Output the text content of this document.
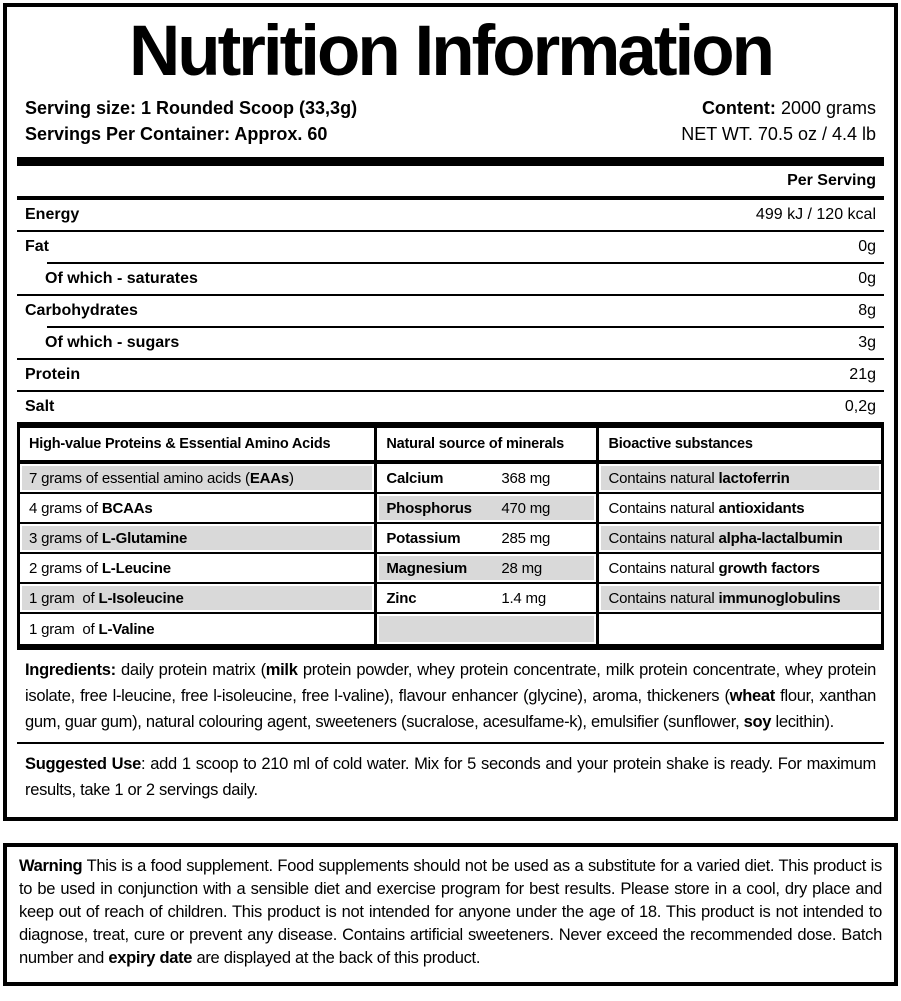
Nutrition Information
Serving size: 1 Rounded Scoop (33,3g)
Servings Per Container: Approx. 60
Content: 2000 grams
NET WT. 70.5 oz / 4.4 lb
Per Serving
Energy	499 kJ / 120 kcal
Fat	0g
Of which - saturates	0g
Carbohydrates	8g
Of which - sugars	3g
Protein	21g
Salt	0,2g
High-value Proteins & Essential Amino Acids	Natural source of minerals	Bioactive substances
7 grams of essential amino acids ( EAAs )	Calcium	368 mg	Contains natural lactoferrin
4 grams of BCAAs	Phosphorus	470 mg	Contains natural antioxidants
3 grams of L-Glutamine	Potassium	285 mg	Contains natural alpha-lactalbumin
2 grams of L-Leucine	Magnesium	28 mg	Contains natural growth factors
1 gram  of L-Isoleucine	Zinc	1.4 mg	Contains natural immunoglobulins
1 gram  of L-Valine

Ingredients: daily protein matrix (milk protein powder, whey protein concentrate, milk protein concentrate, whey protein isolate, free l-leucine, free l-isoleucine, free l-valine), flavour enhancer (glycine), aroma, thickeners (wheat flour, xanthan gum, guar gum), natural colouring agent, sweeteners (sucralose, acesulfame-k), emulsifier (sunflower, soy lecithin).

Suggested Use: add 1 scoop to 210 ml of cold water. Mix for 5 seconds and your protein shake is ready. For maximum results, take 1 or 2 servings daily.

Warning This is a food supplement. Food supplements should not be used as a substitute for a varied diet. This product is to be used in conjunction with a sensible diet and exercise program for best results. Please store in a cool, dry place and keep out of reach of children. This product is not intended for anyone under the age of 18. This product is not intended to diagnose, treat, cure or prevent any disease. Contains artificial sweeteners. Never exceed the recommended dose. Batch number and expiry date are displayed at the back of this product.
